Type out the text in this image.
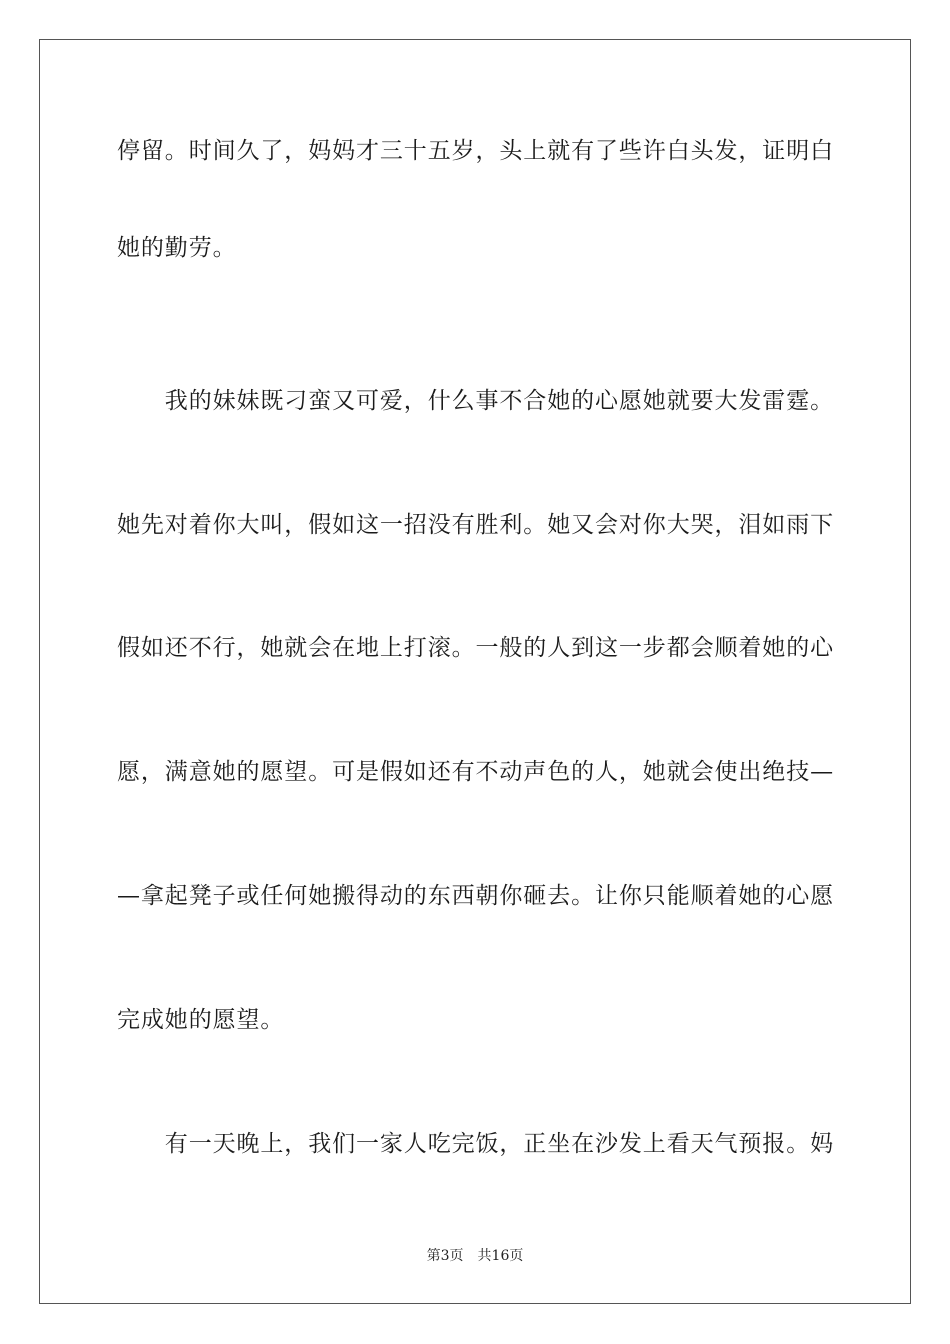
停留。时间久了，妈妈才三十五岁，头上就有了些许白头发，证明白
她的勤劳。
　　我的妹妹既刁蛮又可爱，什么事不合她的心愿她就要大发雷霆。
她先对着你大叫，假如这一招没有胜利。她又会对你大哭，泪如雨下
假如还不行，她就会在地上打滚。一般的人到这一步都会顺着她的心
愿，满意她的愿望。可是假如还有不动声色的人，她就会使出绝技—
—拿起凳子或任何她搬得动的东西朝你砸去。让你只能顺着她的心愿
完成她的愿望。
　　有一天晚上，我们一家人吃完饭，正坐在沙发上看天气预报。妈
第3页 共16页
